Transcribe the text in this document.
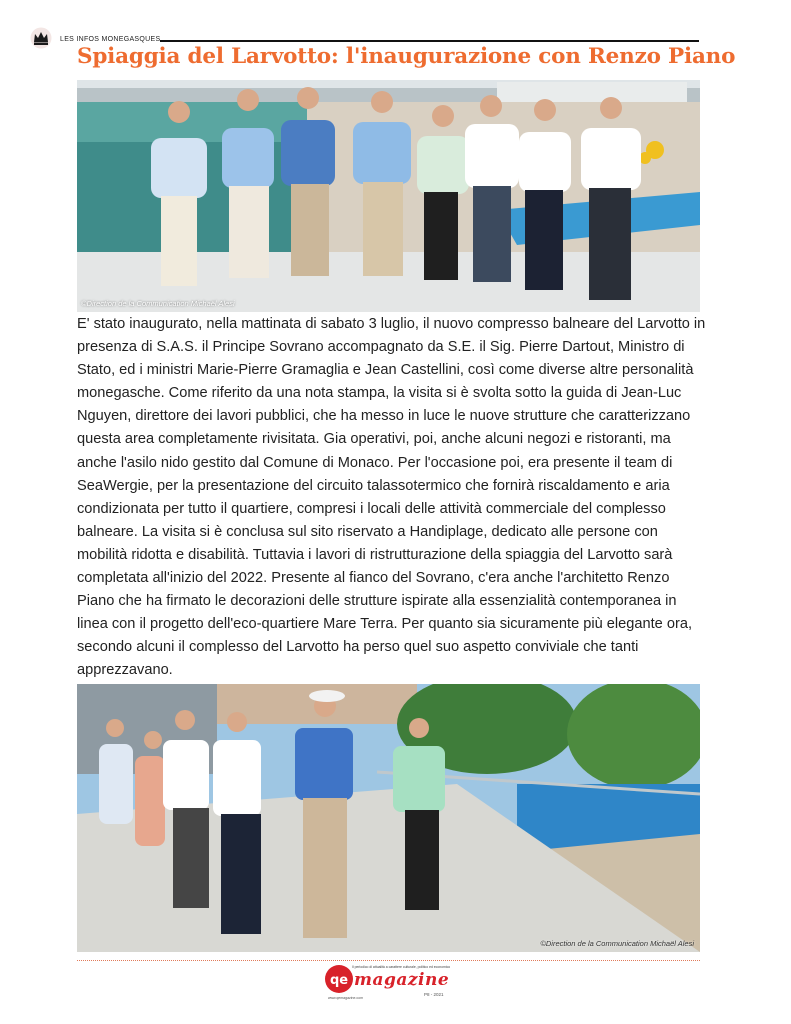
LES INFOS MONEGASQUES
Spiaggia del Larvotto: l'inaugurazione con Renzo Piano
©Direction de la Communication Michaël Alesi

E' stato inaugurato, nella mattinata di sabato 3 luglio, il nuovo compresso balneare del Larvotto in presenza di S.A.S. il Principe Sovrano accompagnato da S.E. il Sig. Pierre Dartout, Ministro di Stato, ed i ministri Marie-Pierre Gramaglia e Jean Castellini, così come diverse altre personalità monegasche. Come riferito da una nota stampa, la visita si è svolta sotto la guida di Jean-Luc Nguyen, direttore dei lavori pubblici, che ha messo in luce le nuove strutture che caratterizzano questa area completamente rivisitata. Gia operativi, poi, anche alcuni negozi e ristoranti, ma anche l'asilo nido gestito dal Comune di Monaco. Per l'occasione poi, era presente il team di SeaWergie, per la presentazione del circuito talassotermico che fornirà riscaldamento e aria condizionata per tutto il quartiere, compresi i locali delle attività commerciale del complesso balneare. La visita si è conclusa sul sito riservato a Handiplage, dedicato alle persone con mobilità ridotta e disabilità. Tuttavia i lavori di ristrutturazione della spiaggia del Larvotto sarà completata all'inizio del 2022. Presente al fianco del Sovrano, c'era anche l'architetto Renzo Piano che ha firmato le decorazioni delle strutture ispirate alla essenzialità contemporanea in linea con il progetto dell'eco-quartiere Mare Terra. Per quanto sia sicuramente più elegante ora, secondo alcuni il complesso del Larvotto ha perso quel suo aspetto conviviale che tanti apprezzavano.

©Direction de la Communication Michaël Alesi
qe
Il periodico di attualità a carattere culturale, politico ed economico
magazine
P8 - 2021
www.qemagazine.com
